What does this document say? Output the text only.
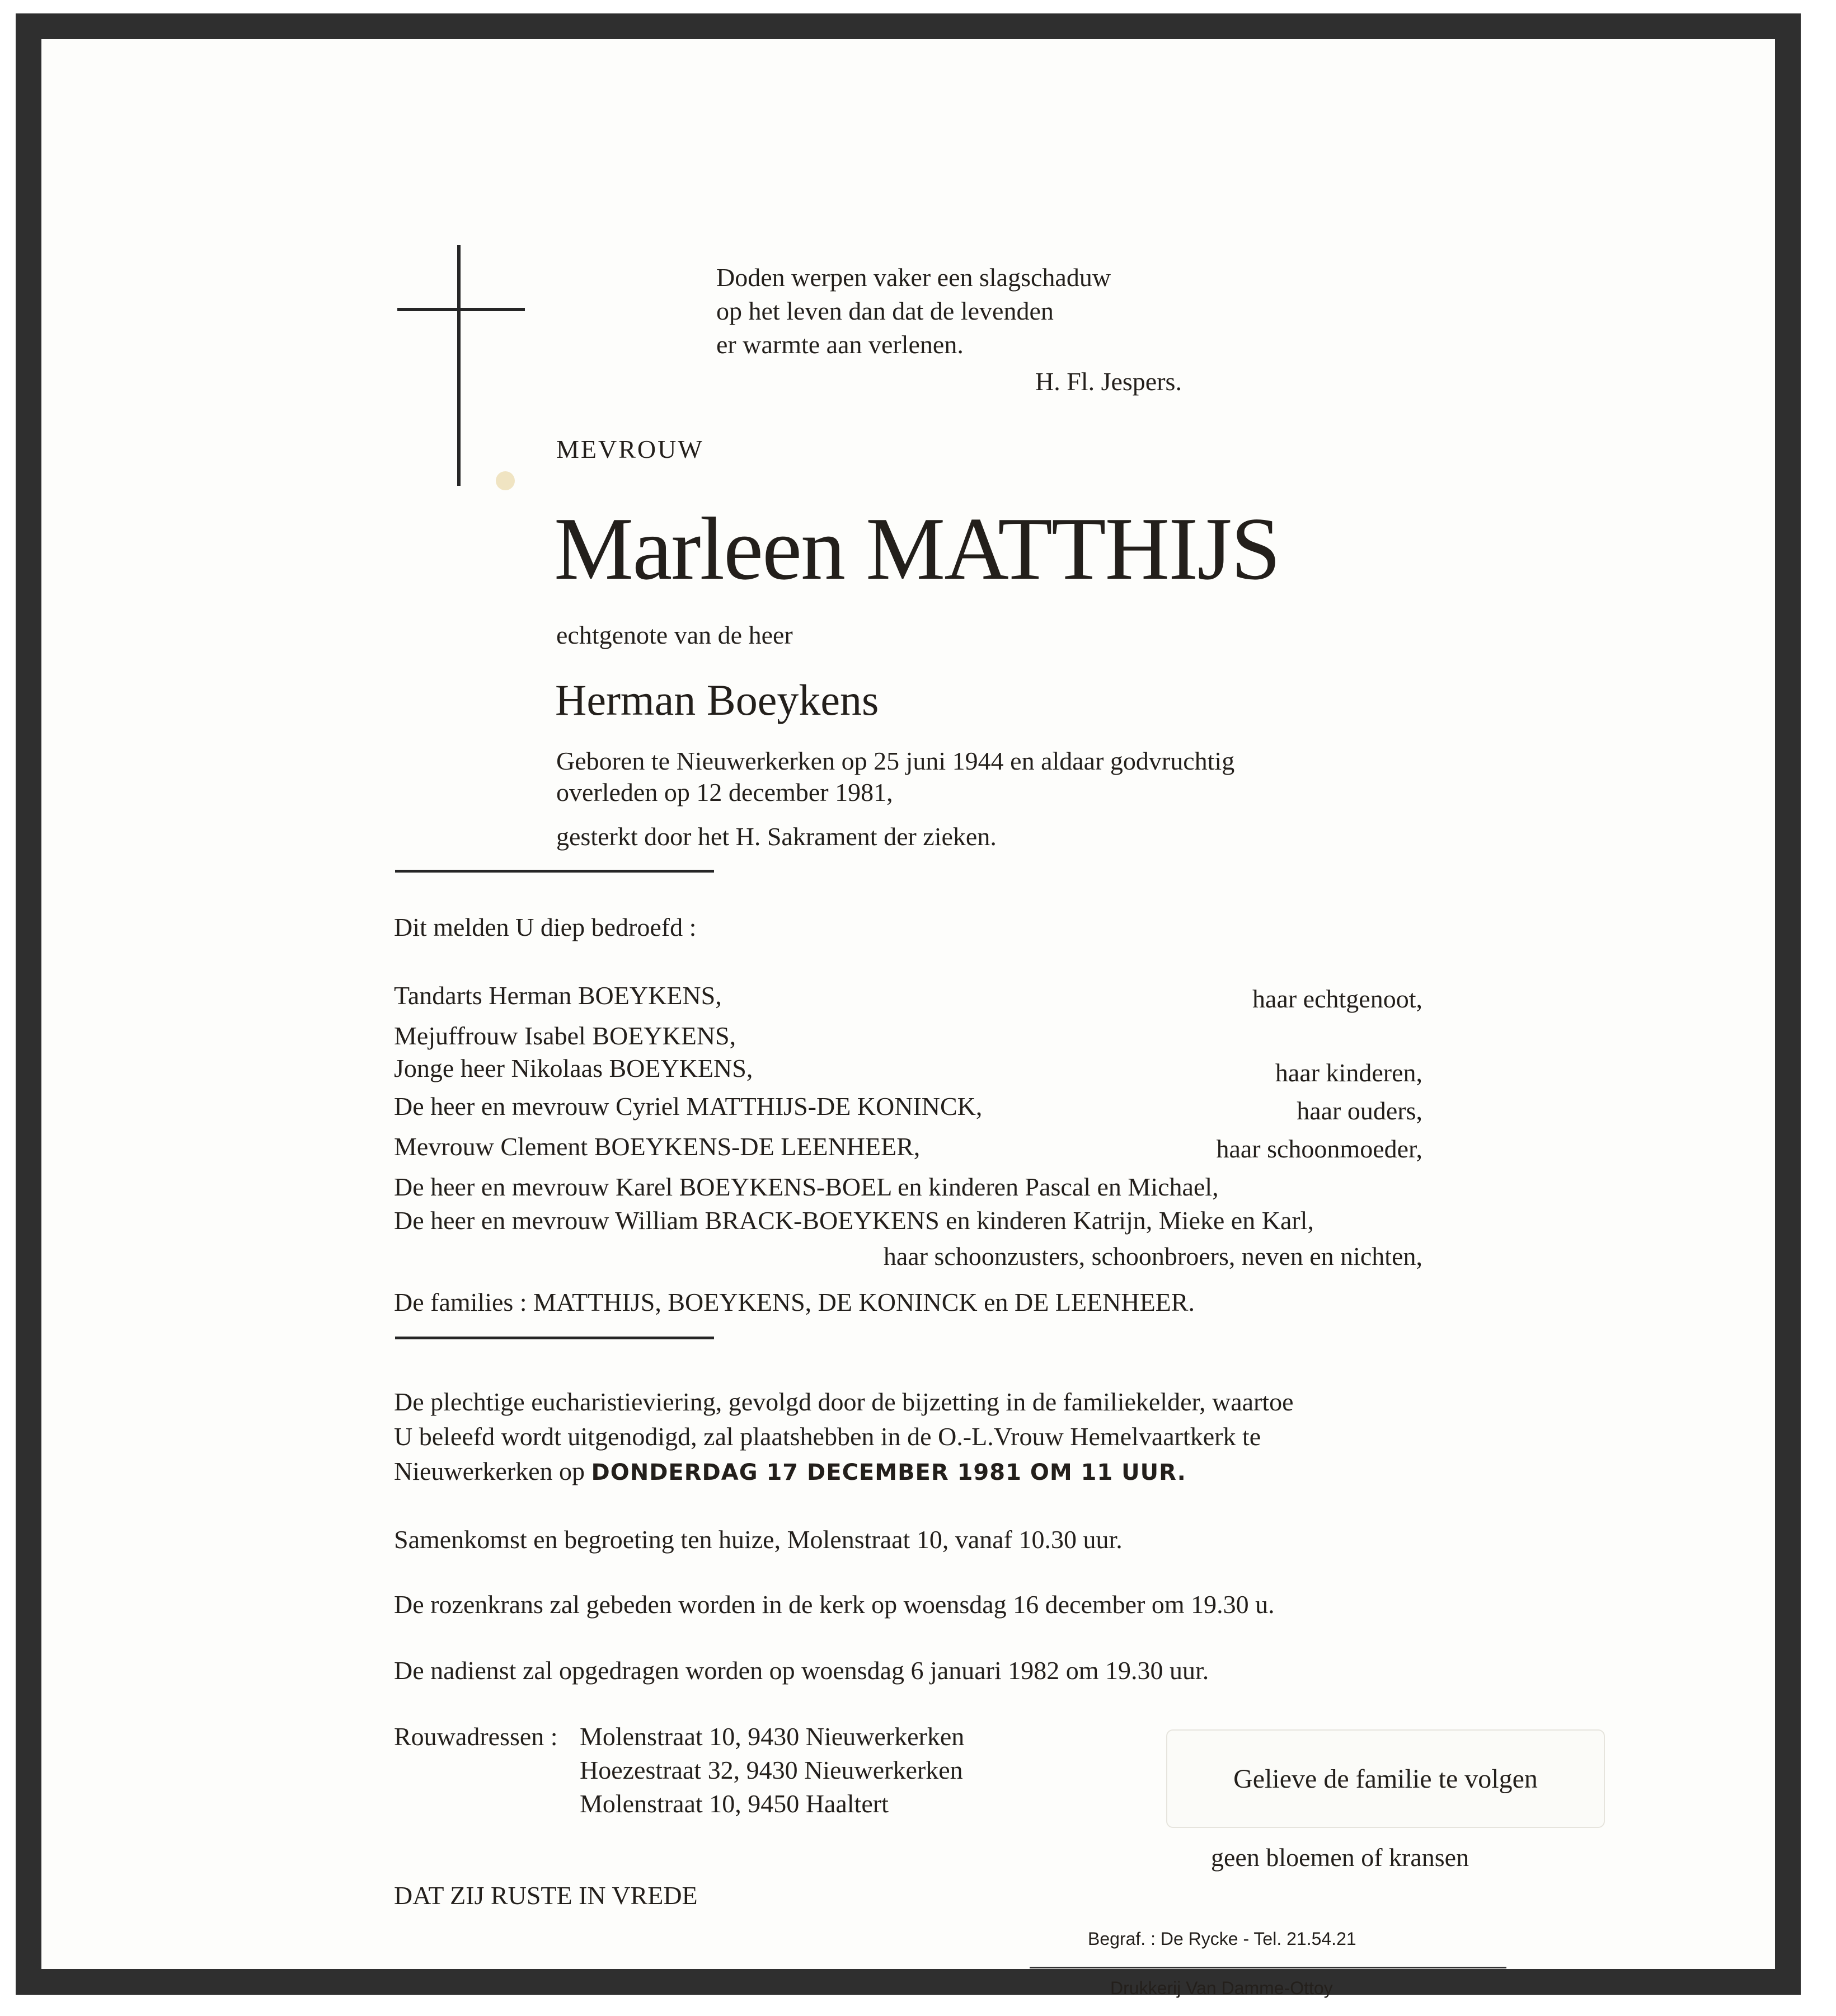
Doden werpen vaker een slagschaduw
op het leven dan dat de levenden
er warmte aan verlenen.
H. Fl. Jespers.
MEVROUW
Marleen MATTHIJS
echtgenote van de heer
Herman Boeykens
Geboren te Nieuwerkerken op 25 juni 1944 en aldaar godvruchtig
overleden op 12 december 1981,
gesterkt door het H. Sakrament der zieken.
Dit melden U diep bedroefd :
Tandarts Herman BOEYKENS,	haar echtgenoot,
Mejuffrouw Isabel BOEYKENS,
Jonge heer Nikolaas BOEYKENS,	haar kinderen,
De heer en mevrouw Cyriel MATTHIJS-DE KONINCK,	haar ouders,
Mevrouw Clement BOEYKENS-DE LEENHEER,	haar schoonmoeder,
De heer en mevrouw Karel BOEYKENS-BOEL en kinderen Pascal en Michael,
De heer en mevrouw William BRACK-BOEYKENS en kinderen Katrijn, Mieke en Karl,
haar schoonzusters, schoonbroers, neven en nichten,
De families : MATTHIJS, BOEYKENS, DE KONINCK en DE LEENHEER.
De plechtige eucharistieviering, gevolgd door de bijzetting in de familiekelder, waartoe
U beleefd wordt uitgenodigd, zal plaatshebben in de O.-L.Vrouw Hemelvaartkerk te
Nieuwerkerken op DONDERDAG 17 DECEMBER 1981 OM 11 UUR.
Samenkomst en begroeting ten huize, Molenstraat 10, vanaf 10.30 uur.
De rozenkrans zal gebeden worden in de kerk op woensdag 16 december om 19.30 u.
De nadienst zal opgedragen worden op woensdag 6 januari 1982 om 19.30 uur.
Rouwadressen : Molenstraat 10, 9430 Nieuwerkerken
Hoezestraat 32, 9430 Nieuwerkerken
Molenstraat 10, 9450 Haaltert
Gelieve de familie te volgen
geen bloemen of kransen
DAT ZIJ RUSTE IN VREDE
Begraf. : De Rycke - Tel. 21.54.21
Drukkerij Van Damme-Ottoy
